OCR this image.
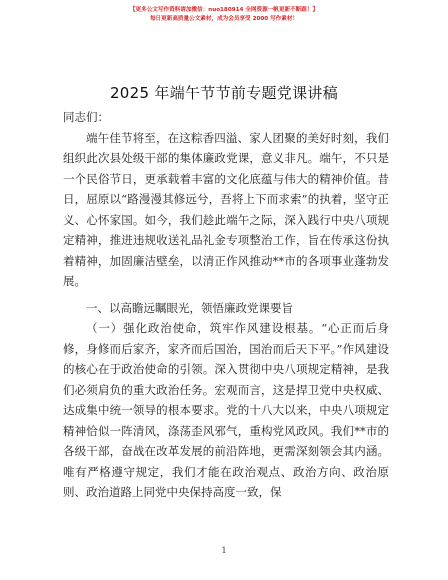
【更多公文写作资料请加微信：nuo180914 全网资源一帆更新不断跟！】
每日更新高质量公文素材，成为会员享受 2000 写作素材！
2025 年端午节节前专题党课讲稿

同志们：

端午佳节将至，在这粽香四溢、家人团聚的美好时刻，我们组织此次县处级干部的集体廉政党课，意义非凡。端午，不只是一个民俗节日，更承载着丰富的文化底蕴与伟大的精神价值。昔日，屈原以“路漫漫其修远兮，吾将上下而求索”的执着，坚守正义、心怀家国。如今，我们趁此端午之际，深入践行中央八项规定精神，推进违规收送礼品礼金专项整治工作，旨在传承这份执着精神，加固廉洁壁垒，以清正作风推动**市的各项事业蓬勃发展。

一、以高瞻远瞩眼光，领悟廉政党课要旨

（一）强化政治使命，筑牢作风建设根基。“心正而后身修，身修而后家齐，家齐而后国治，国治而后天下平。”作风建设的核心在于政治使命的引领。深入贯彻中央八项规定精神，是我们必须肩负的重大政治任务。宏观而言，这是捍卫党中央权威、达成集中统一领导的根本要求。党的十八大以来，中央八项规定精神恰似一阵清风，涤荡歪风邪气，重构党风政风。我们**市的各级干部，奋战在改革发展的前沿阵地，更需深刻领会其内涵。唯有严格遵守规定，我们才能在政治观点、政治方向、政治原则、政治道路上同党中央保持高度一致，保

1
